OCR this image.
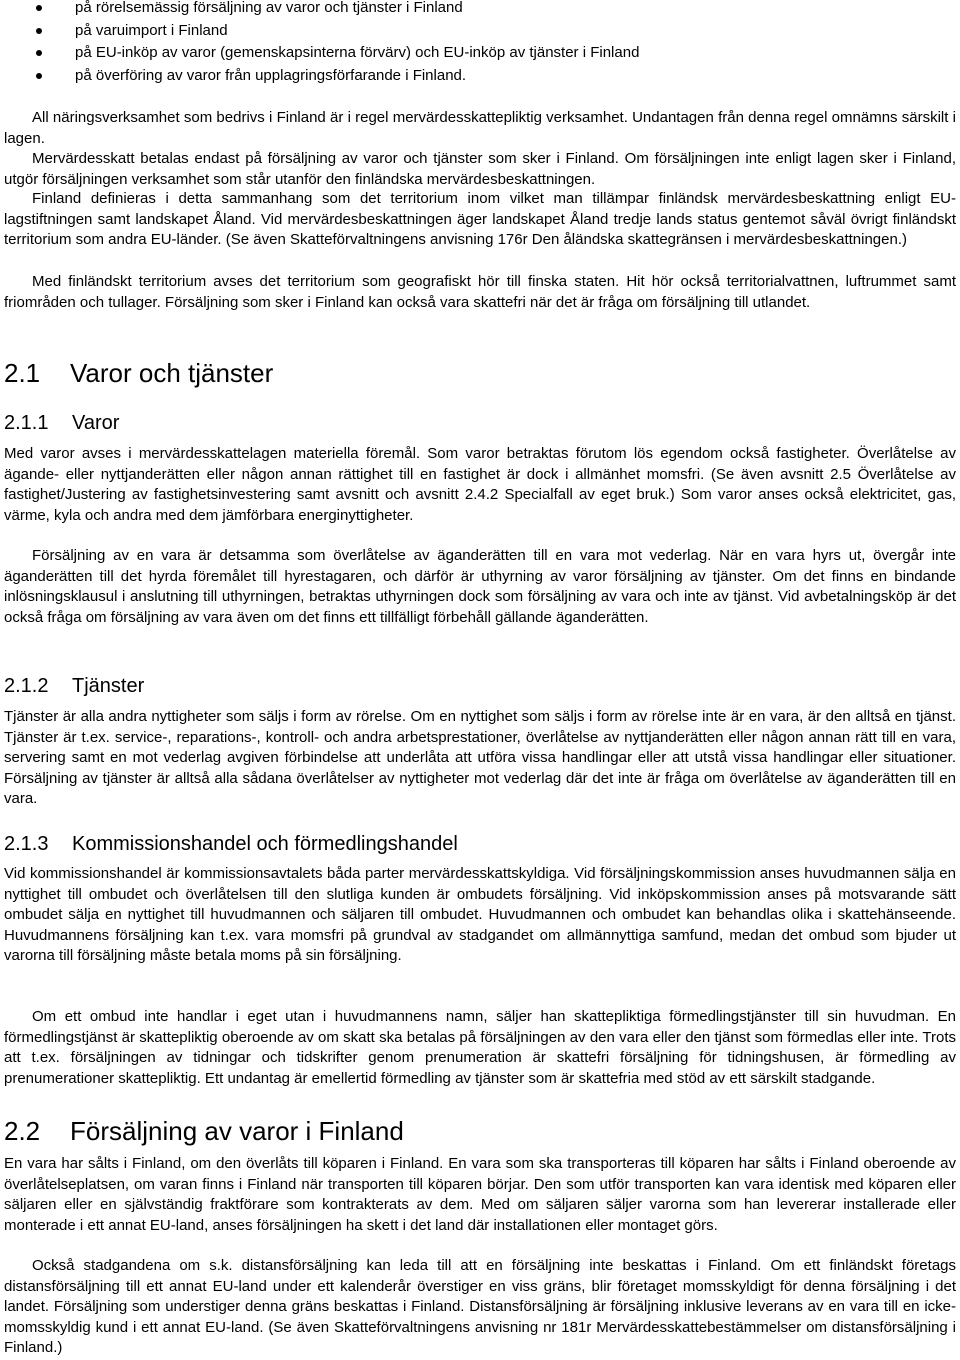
på rörelsemässig försäljning av varor och tjänster i Finland
på varuimport i Finland
på EU-inköp av varor (gemenskapsinterna förvärv) och EU-inköp av tjänster i Finland
på överföring av varor från upplagringsförfarande i Finland.

All näringsverksamhet som bedrivs i Finland är i regel mervärdesskattepliktig verksamhet. Undantagen från denna regel omnämns särskilt i lagen.

Mervärdesskatt betalas endast på försäljning av varor och tjänster som sker i Finland. Om försäljningen inte enligt lagen sker i Finland, utgör försäljningen verksamhet som står utanför den finländska mervärdesbeskattningen.

Finland definieras i detta sammanhang som det territorium inom vilket man tillämpar finländsk mervärdesbeskattning enligt EU-lagstiftningen samt landskapet Åland. Vid mervärdesbeskattningen äger landskapet Åland tredje lands status gentemot såväl övrigt finländskt territorium som andra EU-länder. (Se även Skatteförvaltningens anvisning 176r Den åländska skattegränsen i mervärdesbeskattningen.)

Med finländskt territorium avses det territorium som geografiskt hör till finska staten. Hit hör också territorialvattnen, luftrummet samt friområden och tullager. Försäljning som sker i Finland kan också vara skattefri när det är fråga om försäljning till utlandet.

2.1 Varor och tjänster
2.1.1 Varor

Med varor avses i mervärdesskattelagen materiella föremål. Som varor betraktas förutom lös egendom också fastigheter. Överlåtelse av ägande- eller nyttjanderätten eller någon annan rättighet till en fastighet är dock i allmänhet momsfri. (Se även avsnitt 2.5 Överlåtelse av fastighet/Justering av fastighetsinvestering samt avsnitt och avsnitt 2.4.2 Specialfall av eget bruk.) Som varor anses också elektricitet, gas, värme, kyla och andra med dem jämförbara energinyttigheter.

Försäljning av en vara är detsamma som överlåtelse av äganderätten till en vara mot vederlag. När en vara hyrs ut, övergår inte äganderätten till det hyrda föremålet till hyrestagaren, och därför är uthyrning av varor försäljning av tjänster. Om det finns en bindande inlösningsklausul i anslutning till uthyrningen, betraktas uthyrningen dock som försäljning av vara och inte av tjänst. Vid avbetalningsköp är det också fråga om försäljning av vara även om det finns ett tillfälligt förbehåll gällande äganderätten.

2.1.2 Tjänster

Tjänster är alla andra nyttigheter som säljs i form av rörelse. Om en nyttighet som säljs i form av rörelse inte är en vara, är den alltså en tjänst. Tjänster är t.ex. service-, reparations-, kontroll- och andra arbetsprestationer, överlåtelse av nyttjanderätten eller någon annan rätt till en vara, servering samt en mot vederlag avgiven förbindelse att underlåta att utföra vissa handlingar eller att utstå vissa handlingar eller situationer. Försäljning av tjänster är alltså alla sådana överlåtelser av nyttigheter mot vederlag där det inte är fråga om överlåtelse av äganderätten till en vara.

2.1.3 Kommissionshandel och förmedlingshandel

Vid kommissionshandel är kommissionsavtalets båda parter mervärdesskattskyldiga. Vid försäljningskommission anses huvudmannen sälja en nyttighet till ombudet och överlåtelsen till den slutliga kunden är ombudets försäljning. Vid inköpskommission anses på motsvarande sätt ombudet sälja en nyttighet till huvudmannen och säljaren till ombudet. Huvudmannen och ombudet kan behandlas olika i skattehänseende. Huvudmannens försäljning kan t.ex. vara momsfri på grundval av stadgandet om allmännyttiga samfund, medan det ombud som bjuder ut varorna till försäljning måste betala moms på sin försäljning.

Om ett ombud inte handlar i eget utan i huvudmannens namn, säljer han skattepliktiga förmedlingstjänster till sin huvudman. En förmedlingstjänst är skattepliktig oberoende av om skatt ska betalas på försäljningen av den vara eller den tjänst som förmedlas eller inte. Trots att t.ex. försäljningen av tidningar och tidskrifter genom prenumeration är skattefri försäljning för tidningshusen, är förmedling av prenumerationer skattepliktig. Ett undantag är emellertid förmedling av tjänster som är skattefria med stöd av ett särskilt stadgande.

2.2 Försäljning av varor i Finland

En vara har sålts i Finland, om den överlåts till köparen i Finland. En vara som ska transporteras till köparen har sålts i Finland oberoende av överlåtelseplatsen, om varan finns i Finland när transporten till köparen börjar. Den som utför transporten kan vara identisk med köparen eller säljaren eller en självständig fraktförare som kontrakterats av dem. Med om säljaren säljer varorna som han levererar installerade eller monterade i ett annat EU-land, anses försäljningen ha skett i det land där installationen eller montaget görs.

Också stadgandena om s.k. distansförsäljning kan leda till att en försäljning inte beskattas i Finland. Om ett finländskt företags distansförsäljning till ett annat EU-land under ett kalenderår överstiger en viss gräns, blir företaget momsskyldigt för denna försäljning i det landet. Försäljning som understiger denna gräns beskattas i Finland. Distansförsäljning är försäljning inklusive leverans av en vara till en icke-momsskyldig kund i ett annat EU-land. (Se även Skatteförvaltningens anvisning nr 181r Mervärdesskattebestämmelser om distansförsäljning i Finland.)
